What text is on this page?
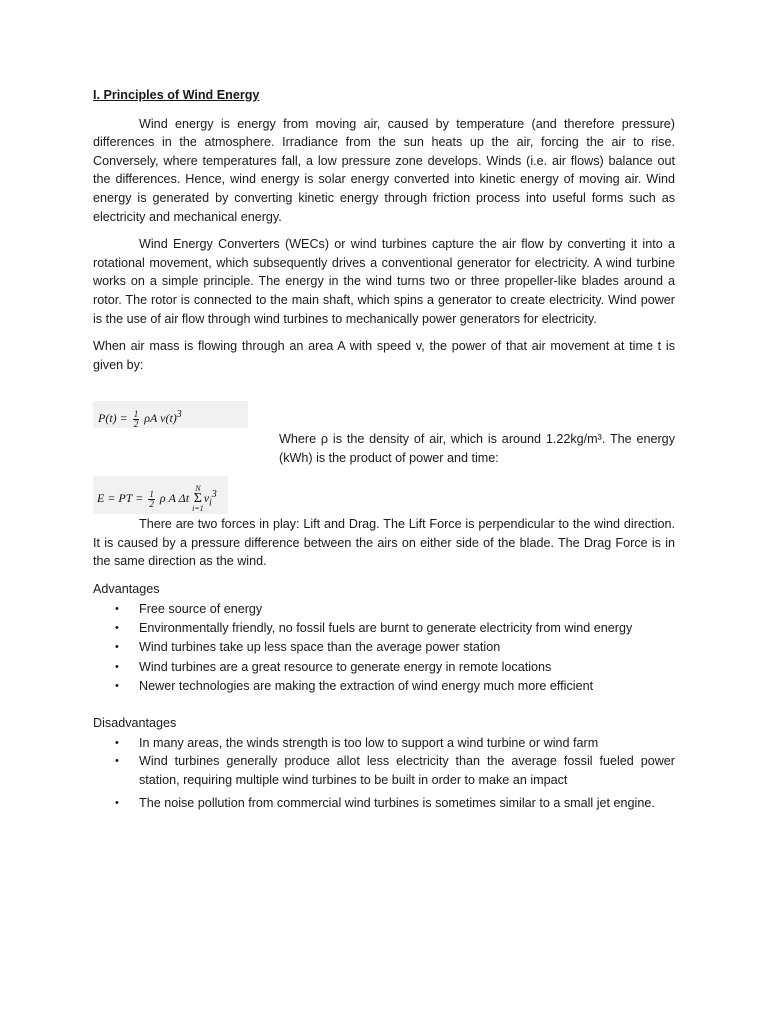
I. Principles of Wind Energy

Wind energy is energy from moving air, caused by temperature (and therefore pressure) differences in the atmosphere. Irradiance from the sun heats up the air, forcing the air to rise. Conversely, where temperatures fall, a low pressure zone develops. Winds (i.e. air flows) balance out the differences. Hence, wind energy is solar energy converted into kinetic energy of moving air. Wind energy is generated by converting kinetic energy through friction process into useful forms such as electricity and mechanical energy.

Wind Energy Converters (WECs) or wind turbines capture the air flow by converting it into a rotational movement, which subsequently drives a conventional generator for electricity. A wind turbine works on a simple principle. The energy in the wind turns two or three propeller-like blades around a rotor. The rotor is connected to the main shaft, which spins a generator to create electricity. Wind power is the use of air flow through wind turbines to mechanically power generators for electricity.

When air mass is flowing through an area A with speed v, the power of that air movement at time t is given by:

$P(t) = \frac{1}{2}$ ρA $v(t)^3$

Where ρ is the density of air, which is around 1.22kg/m³. The energy (kWh) is the product of power and time:

E = PT = $\frac{1}{2}$ ρ A Δt N
Σ
$i=1v_i^3$

There are two forces in play: Lift and Drag. The Lift Force is perpendicular to the wind direction. It is caused by a pressure difference between the airs on either side of the blade. The Drag Force is in the same direction as the wind.

Advantages

• Free source of energy
• Environmentally friendly, no fossil fuels are burnt to generate electricity from wind energy
• Wind turbines take up less space than the average power station
• Wind turbines are a great resource to generate energy in remote locations
• Newer technologies are making the extraction of wind energy much more efficient

Disadvantages

• In many areas, the winds strength is too low to support a wind turbine or wind farm
• Wind turbines generally produce allot less electricity than the average fossil fueled power station, requiring multiple wind turbines to be built in order to make an impact
• The noise pollution from commercial wind turbines is sometimes similar to a small jet engine.
